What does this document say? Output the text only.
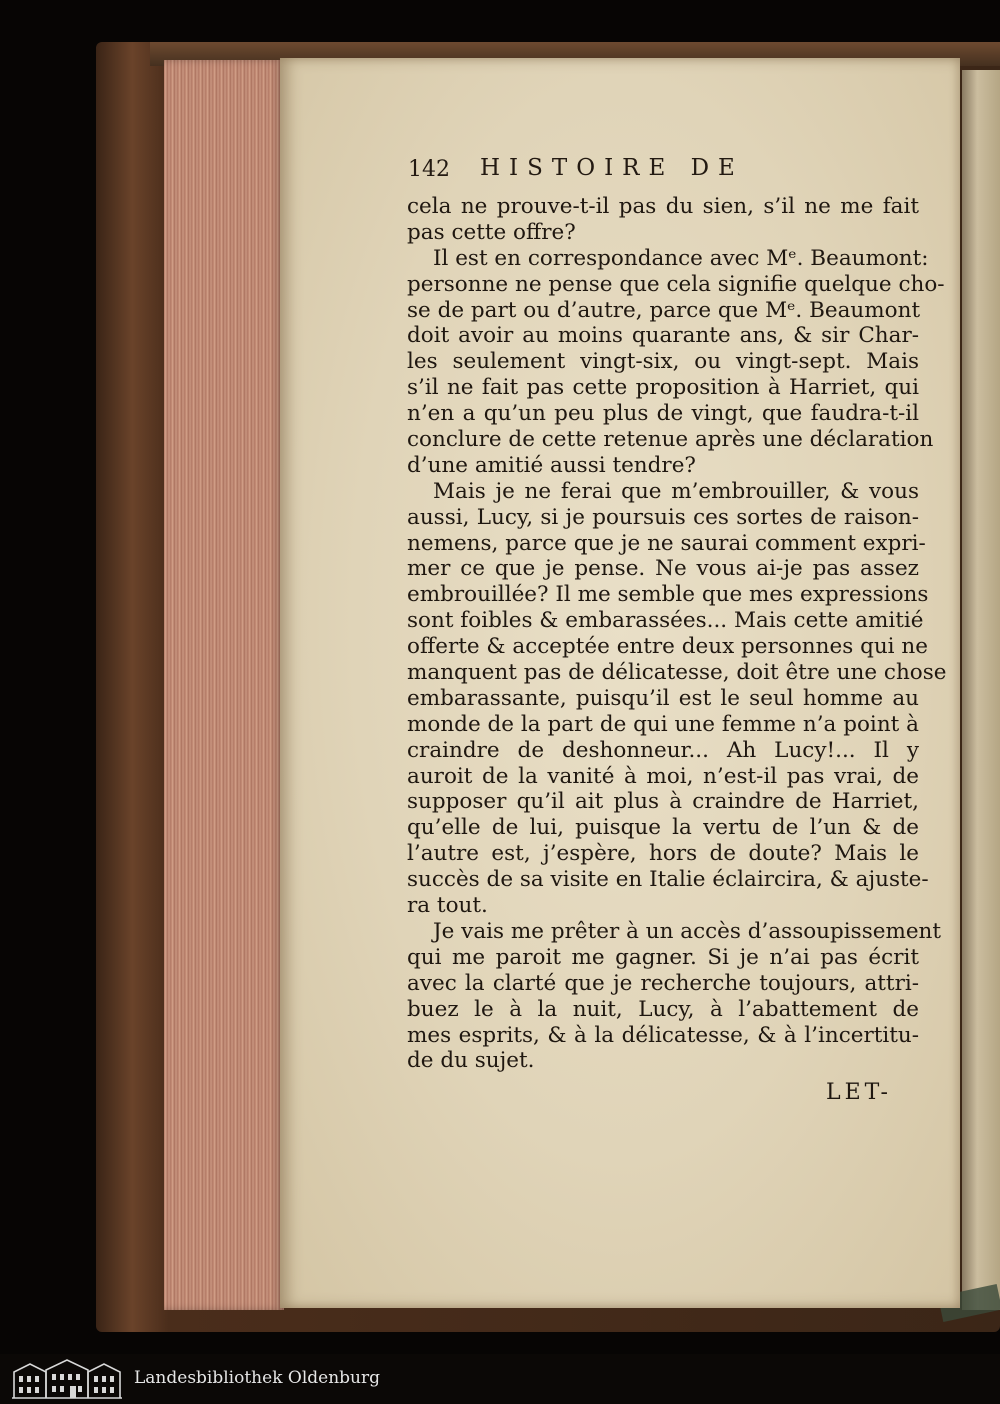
142 HISTOIRE DE
cela ne prouve-t-il pas du sien, s’il ne me fait
pas cette offre?
Il est en correspondance avec Mᵉ. Beaumont:
personne ne pense que cela signifie quelque cho-
se de part ou d’autre, parce que Mᵉ. Beaumont
doit avoir au moins quarante ans, & sir Char-
les seulement vingt-six, ou vingt-sept. Mais
s’il ne fait pas cette proposition à Harriet, qui
n’en a qu’un peu plus de vingt, que faudra-t-il
conclure de cette retenue après une déclaration
d’une amitié aussi tendre?
Mais je ne ferai que m’embrouiller, & vous
aussi, Lucy, si je poursuis ces sortes de raison-
nemens, parce que je ne saurai comment expri-
mer ce que je pense. Ne vous ai-je pas assez
embrouillée? Il me semble que mes expressions
sont foibles & embarassées... Mais cette amitié
offerte & acceptée entre deux personnes qui ne
manquent pas de délicatesse, doit être une chose
embarassante, puisqu’il est le seul homme au
monde de la part de qui une femme n’a point à
craindre de deshonneur... Ah Lucy!... Il y
auroit de la vanité à moi, n’est-il pas vrai, de
supposer qu’il ait plus à craindre de Harriet,
qu’elle de lui, puisque la vertu de l’un & de
l’autre est, j’espère, hors de doute? Mais le
succès de sa visite en Italie éclaircira, & ajuste-
ra tout.
Je vais me prêter à un accès d’assoupissement
qui me paroit me gagner. Si je n’ai pas écrit
avec la clarté que je recherche toujours, attri-
buez le à la nuit, Lucy, à l’abattement de
mes esprits, & à la délicatesse, & à l’incertitu-
de du sujet.
LET-
Landesbibliothek Oldenburg
